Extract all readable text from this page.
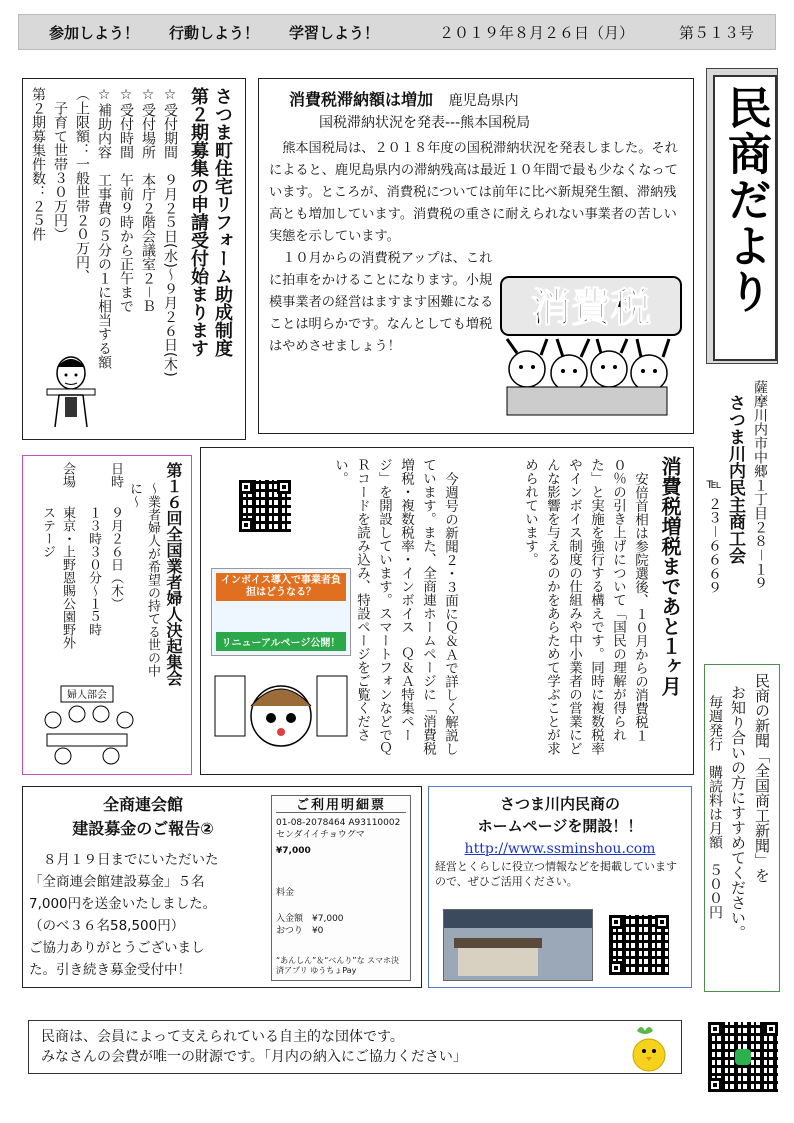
参加しよう！ 行動しよう！ 学習しよう！	２０１９年８月２６日（月）	第５１３号
さつま町住宅リフォーム助成制度
第２期募集の申請受付始まります
☆受付期間　９月２５日(水)～９月２６日(木)
☆受付場所　本庁２階会議室２－Ｂ
☆受付時間　午前９時から正午まで
☆補助内容　工事費の５分の１に相当する額
（上限額：一般世帯２０万円、
　子育て世帯３０万円）
第２期募集件数：２５件	消費税滞納額は増加 鹿児島県内
国税滞納状況を発表---熊本国税局

熊本国税局は、２０１８年度の国税滞納状況を発表しました。それによると、鹿児島県内の滞納残高は最近１０年間で最も少なくなっています。ところが、消費税については前年に比べ新規発生額、滞納残高とも増加しています。消費税の重さに耐えられない事業者の苦しい実態を示しています。

１０月からの消費税アップは、これに拍車をかけることになります。小規模事業者の経営はますます困難になることは明らかです。なんとしても増税はやめさせましょう！

消費税 民商だより
薩摩川内市中郷１丁目２８－１９
さつま川内民主商工会
℡ ２３－６６６９
第１６回全国業者婦人決起集会
～業者婦人が希望の持てる世の中に～
日時
９月２６日（木）
１３時３０分～１５時
会場
東京・上野恩賜公園野外ステージ
婦人部会	消費税増税まであと１ヶ月
安倍首相は参院選後、１０月からの消費税１０％の引き上げについて「国民の理解が得られた」と実施を強行する構えです。同時に複数税率やインボイス制度の仕組みや中小業者の営業にどんな影響を与えるのかをあらためて学ぶことが求められています。
今週号の新聞２・３面にＱ＆Ａで詳しく解説しています。また、全商連ホームページに「消費税増税・複数税率・インボイス　Ｑ＆Ａ特集ページ」を開設しています。スマートフォンなどでＱＲコードを読み込み、特設ページをご覧ください。
インボイス導入で事業者負担はどうなる？
リニューアルページ公開！
民商の新聞「全国商工新聞」を
お知り合いの方にすすめてください。
毎週発行　購読料は月額　５００円
全商連会館
建設募金のご報告②

８月１９日までにいただいた

「全商連会館建設募金」５名

7,000円を送金いたしました。

（のべ３６名58,500円）

ご協力ありがとうございまし

た。引き続き募金受付中！

ご利用明細票
01-08-2078464 A93110002
センダイイチョウグマ
¥7,000
料金
入金額　 ¥7,000
おつり　 ¥0
“あんしん”＆“べんり”な スマホ決済アプリ ゆうちょPay
さつま川内民商の
ホームページを開設！！
http://www.ssminshou.com
経営とくらしに役立つ情報などを掲載していますので、ぜひご活用ください。
民商は、会員によって支えられている自主的な団体です。
みなさんの会費が唯一の財源です。「月内の納入にご協力ください」
